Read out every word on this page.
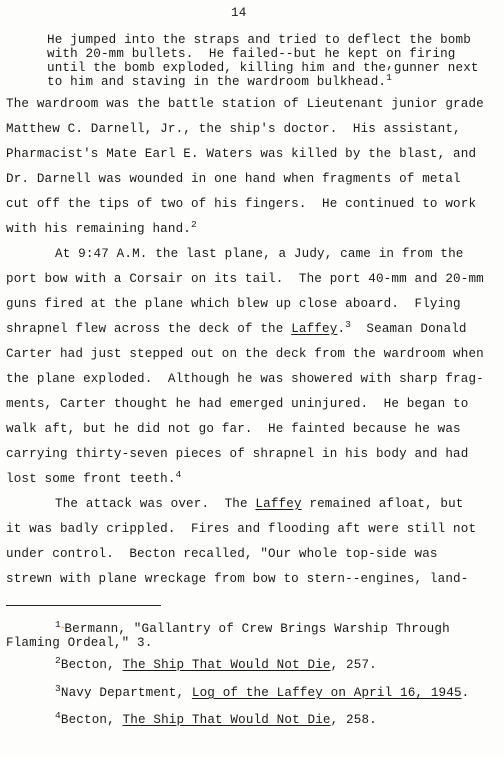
14
He jumped into the straps and tried to deflect the bomb
with 20-mm bullets.  He failed--but he kept on firing
until the bomb exploded, killing him and the,gunner next
to him and staving in the wardroom bulkhead.$^1$
The wardroom was the battle station of Lieutenant junior grade
Matthew C. Darnell, Jr., the ship's doctor.  His assistant,
Pharmacist's Mate Earl E. Waters was killed by the blast, and
Dr. Darnell was wounded in one hand when fragments of metal
cut off the tips of two of his fingers.  He continued to work
with his remaining hand.$^2$
At 9:47 A.M. the last plane, a Judy, came in from the
port bow with a Corsair on its tail.  The port 40-mm and 20-mm
guns fired at the plane which blew up close aboard.  Flying
shrapnel flew across the deck of the Laffey.$^3$  Seaman Donald
Carter had just stepped out on the deck from the wardroom when
the plane exploded.  Although he was showered with sharp frag-
ments, Carter thought he had emerged uninjured.  He began to
walk aft, but he did not go far.  He fainted because he was
carrying thirty-seven pieces of shrapnel in his body and had
lost some front teeth.$^4$
The attack was over.  The Laffey remained afloat, but
it was badly crippled.  Fires and flooding aft were still not
under control.  Becton recalled, "Our whole top-side was
strewn with plane wreckage from bow to stern--engines, land-
$^{1‸}$Bermann, "Gallantry of Crew Brings Warship Through
Flaming Ordeal," 3.
$^2$Becton, The Ship That Would Not Die, 257.
$^3$Navy Department, Log of the Laffey on April 16, 1945.
$^4$Becton, The Ship That Would Not Die, 258.
